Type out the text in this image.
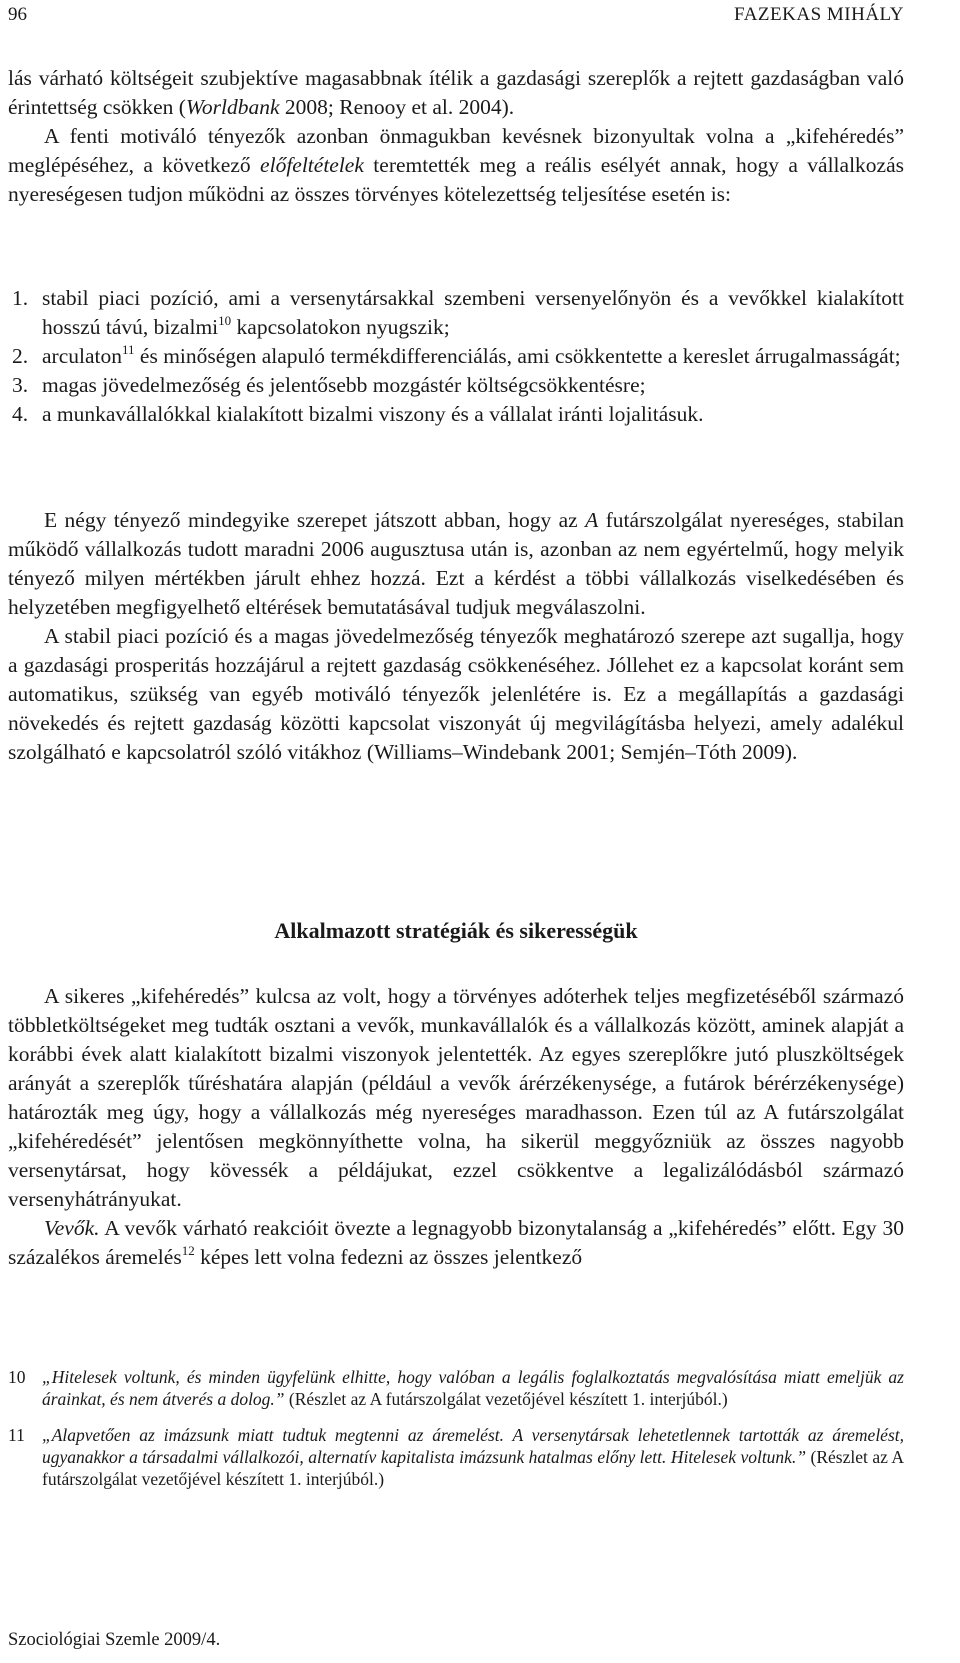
96	FAZEKAS MIHÁLY

lás várható költségeit szubjektíve magasabbnak ítélik a gazdasági szereplők a rejtett gazdaságban való érintettség csökken (Worldbank 2008; Renooy et al. 2004).

A fenti motiváló tényezők azonban önmagukban kevésnek bizonyultak volna a „kifehéredés” meglépéséhez, a következő előfeltételek teremtették meg a reális esélyét annak, hogy a vállalkozás nyereségesen tudjon működni az összes törvényes kötelezettség teljesítése esetén is:

1. stabil piaci pozíció, ami a versenytársakkal szembeni versenyelőnyön és a vevőkkel kialakított hosszú távú, bizalmi$^{10}$ kapcsolatokon nyugszik;

2. arculaton$^{11}$ és minőségen alapuló termékdifferenciálás, ami csökkentette a kereslet árrugalmasságát;

3. magas jövedelmezőség és jelentősebb mozgástér költségcsökkentésre;

4. a munkavállalókkal kialakított bizalmi viszony és a vállalat iránti lojalitásuk.

E négy tényező mindegyike szerepet játszott abban, hogy az A futárszolgálat nyereséges, stabilan működő vállalkozás tudott maradni 2006 augusztusa után is, azonban az nem egyértelmű, hogy melyik tényező milyen mértékben járult ehhez hozzá. Ezt a kérdést a többi vállalkozás viselkedésében és helyzetében megfigyelhető eltérések bemutatásával tudjuk megválaszolni.

A stabil piaci pozíció és a magas jövedelmezőség tényezők meghatározó szerepe azt sugallja, hogy a gazdasági prosperitás hozzájárul a rejtett gazdaság csökkenéséhez. Jóllehet ez a kapcsolat koránt sem automatikus, szükség van egyéb motiváló tényezők jelenlétére is. Ez a megállapítás a gazdasági növekedés és rejtett gazdaság közötti kapcsolat viszonyát új megvilágításba helyezi, amely adalékul szolgálható e kapcsolatról szóló vitákhoz (Williams–Windebank 2001; Semjén–Tóth 2009).

Alkalmazott stratégiák és sikerességük

A sikeres „kifehéredés” kulcsa az volt, hogy a törvényes adóterhek teljes megfizetéséből származó többletköltségeket meg tudták osztani a vevők, munkavállalók és a vállalkozás között, aminek alapját a korábbi évek alatt kialakított bizalmi viszonyok jelentették. Az egyes szereplőkre jutó pluszköltségek arányát a szereplők tűréshatára alapján (például a vevők árérzékenysége, a futárok bérérzékenysége) határozták meg úgy, hogy a vállalkozás még nyereséges maradhasson. Ezen túl az A futárszolgálat „kifehéredését” jelentősen megkönnyíthette volna, ha sikerül meggyőzniük az összes nagyobb versenytársat, hogy kövessék a példájukat, ezzel csökkentve a legalizálódásból származó versenyhátrányukat.

Vevők. A vevők várható reakcióit övezte a legnagyobb bizonytalanság a „kifehéredés” előtt. Egy 30 százalékos áremelés$^{12}$ képes lett volna fedezni az összes jelentkező

10 „Hitelesek voltunk, és minden ügyfelünk elhitte, hogy valóban a legális foglalkoztatás megvalósítása miatt emeljük az árainkat, és nem átverés a dolog.” (Részlet az A futárszolgálat vezetőjével készített 1. interjúból.)

11 „Alapvetően az imázsunk miatt tudtuk megtenni az áremelést. A versenytársak lehetetlennek tartották az áremelést, ugyanakkor a társadalmi vállalkozói, alternatív kapitalista imázsunk hatalmas előny lett. Hitelesek voltunk.” (Részlet az A futárszolgálat vezetőjével készített 1. interjúból.)

Szociológiai Szemle 2009/4.
